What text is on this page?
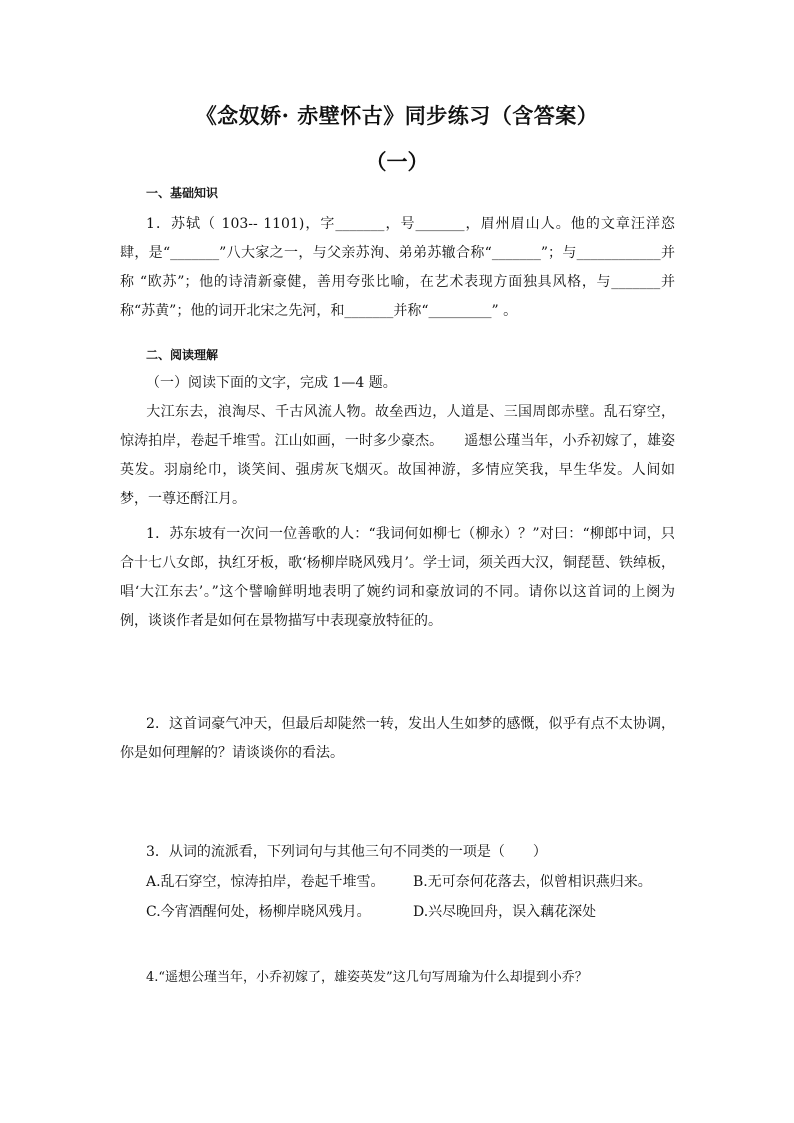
《念奴娇· 赤壁怀古》同步练习（含答案）
（一）
一、基础知识
1．苏轼（ 103-- 1101)，字_______，号_______，眉州眉山人。他的文章汪洋恣肆，是“_______”八大家之一，与父亲苏洵、弟弟苏辙合称“_______”；与____________并称 “欧苏”；他的诗清新豪健，善用夸张比喻，在艺术表现方面独具风格，与_______并称“苏黄”；他的词开北宋之先河，和_______并称“_________” 。
二、阅读理解
（一）阅读下面的文字，完成 1—4 题。
大江东去，浪淘尽、千古风流人物。故垒西边，人道是、三国周郎赤壁。乱石穿空，惊涛拍岸，卷起千堆雪。江山如画，一时多少豪杰。　　遥想公瑾当年，小乔初嫁了，雄姿英发。羽扇纶巾，谈笑间、强虏灰飞烟灭。故国神游，多情应笑我，早生华发。人间如梦，一尊还酹江月。
1．苏东坡有一次问一位善歌的人：“我词何如柳七（柳永）？”对曰：“柳郎中词，只合十七八女郎，执红牙板，歌‘杨柳岸晓风残月’。学士词，须关西大汉，铜琵琶、铁绰板，唱‘大江东去’。”这个譬喻鲜明地表明了婉约词和豪放词的不同。请你以这首词的上阕为例，谈谈作者是如何在景物描写中表现豪放特征的。
2．这首词豪气冲天，但最后却陡然一转，发出人生如梦的感慨，似乎有点不太协调，你是如何理解的？请谈谈你的看法。
3．从词的流派看，下列词句与其他三句不同类的一项是（　　）
A.乱石穿空，惊涛拍岸，卷起千堆雪。 B.无可奈何花落去，似曾相识燕归来。
C.今宵酒醒何处，杨柳岸晓风残月。	D.兴尽晚回舟，误入藕花深处
4.“遥想公瑾当年，小乔初嫁了，雄姿英发”这几句写周瑜为什么却提到小乔？
